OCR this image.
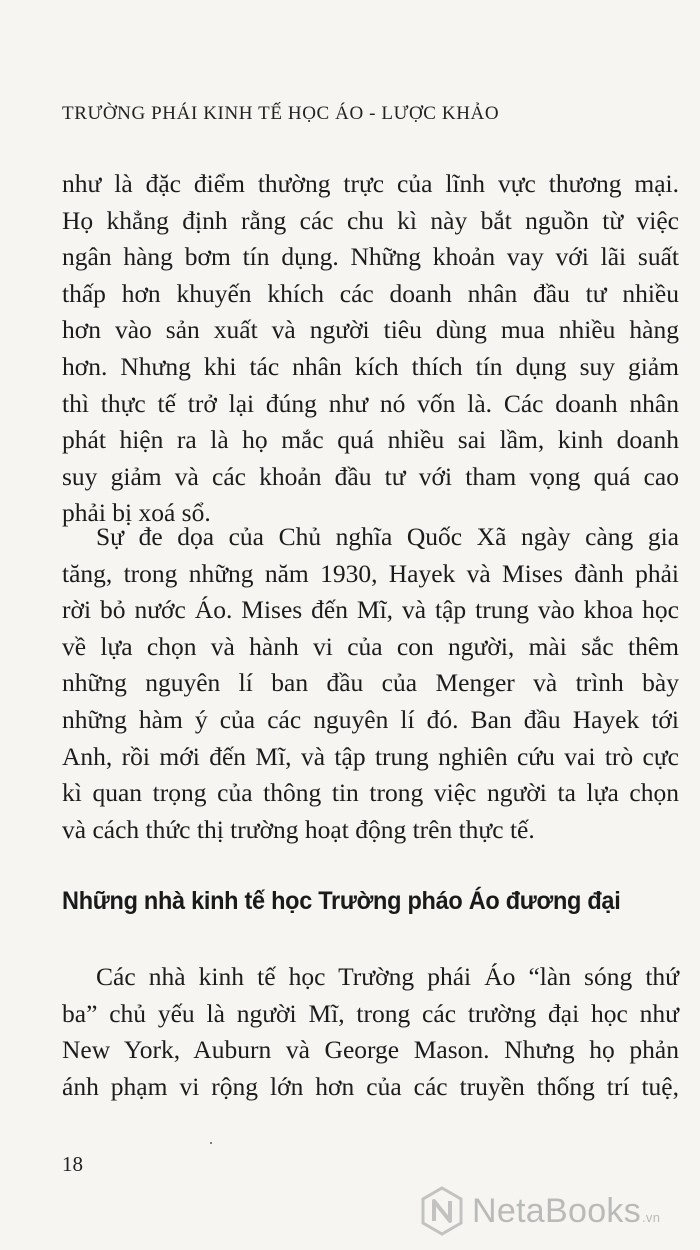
TRƯỜNG PHÁI KINH TẾ HỌC ÁO - LƯỢC KHẢO
như là đặc điểm thường trực của lĩnh vực thương mại.
Họ khẳng định rằng các chu kì này bắt nguồn từ việc
ngân hàng bơm tín dụng. Những khoản vay với lãi suất
thấp hơn khuyến khích các doanh nhân đầu tư nhiều
hơn vào sản xuất và người tiêu dùng mua nhiều hàng
hơn. Nhưng khi tác nhân kích thích tín dụng suy giảm
thì thực tế trở lại đúng như nó vốn là. Các doanh nhân
phát hiện ra là họ mắc quá nhiều sai lầm, kinh doanh
suy giảm và các khoản đầu tư với tham vọng quá cao
phải bị xoá sổ.
Sự đe dọa của Chủ nghĩa Quốc Xã ngày càng gia
tăng, trong những năm 1930, Hayek và Mises đành phải
rời bỏ nước Áo. Mises đến Mĩ, và tập trung vào khoa học
về lựa chọn và hành vi của con người, mài sắc thêm
những nguyên lí ban đầu của Menger và trình bày
những hàm ý của các nguyên lí đó. Ban đầu Hayek tới
Anh, rồi mới đến Mĩ, và tập trung nghiên cứu vai trò cực
kì quan trọng của thông tin trong việc người ta lựa chọn
và cách thức thị trường hoạt động trên thực tế.
Những nhà kinh tế học Trường pháo Áo đương đại
Các nhà kinh tế học Trường phái Áo “làn sóng thứ
ba” chủ yếu là người Mĩ, trong các trường đại học như
New York, Auburn và George Mason. Nhưng họ phản
ánh phạm vi rộng lớn hơn của các truyền thống trí tuệ,
18
NetaBooks.vn
